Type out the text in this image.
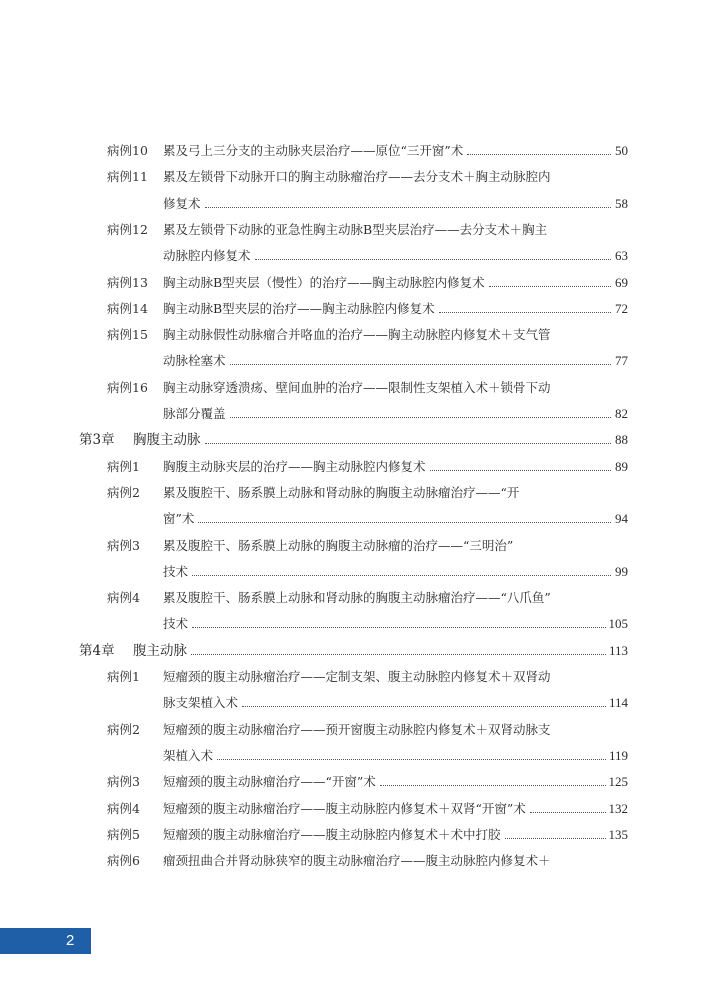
病例10 累及弓上三分支的主动脉夹层治疗——原位“三开窗”术	50
病例11 累及左锁骨下动脉开口的胸主动脉瘤治疗——去分支术＋胸主动脉腔内
修复术	58
病例12 累及左锁骨下动脉的亚急性胸主动脉B型夹层治疗——去分支术＋胸主
动脉腔内修复术	63
病例13 胸主动脉B型夹层（慢性）的治疗——胸主动脉腔内修复术	69
病例14 胸主动脉B型夹层的治疗——胸主动脉腔内修复术	72
病例15 胸主动脉假性动脉瘤合并咯血的治疗——胸主动脉腔内修复术＋支气管
动脉栓塞术	77
病例16 胸主动脉穿透溃疡、壁间血肿的治疗——限制性支架植入术＋锁骨下动
脉部分覆盖	82
第3章 胸腹主动脉	88
病例1 胸腹主动脉夹层的治疗——胸主动脉腔内修复术	89
病例2 累及腹腔干、肠系膜上动脉和肾动脉的胸腹主动脉瘤治疗——“开
窗”术	94
病例3 累及腹腔干、肠系膜上动脉的胸腹主动脉瘤的治疗——“三明治”
技术	99
病例4 累及腹腔干、肠系膜上动脉和肾动脉的胸腹主动脉瘤治疗——“八爪鱼”
技术	105
第4章 腹主动脉	113
病例1 短瘤颈的腹主动脉瘤治疗——定制支架、腹主动脉腔内修复术＋双肾动
脉支架植入术	114
病例2 短瘤颈的腹主动脉瘤治疗——预开窗腹主动脉腔内修复术＋双肾动脉支
架植入术	119
病例3 短瘤颈的腹主动脉瘤治疗——“开窗”术	125
病例4 短瘤颈的腹主动脉瘤治疗——腹主动脉腔内修复术＋双肾“开窗”术	132
病例5 短瘤颈的腹主动脉瘤治疗——腹主动脉腔内修复术＋术中打胶	135
病例6 瘤颈扭曲合并肾动脉狭窄的腹主动脉瘤治疗——腹主动脉腔内修复术＋
2
